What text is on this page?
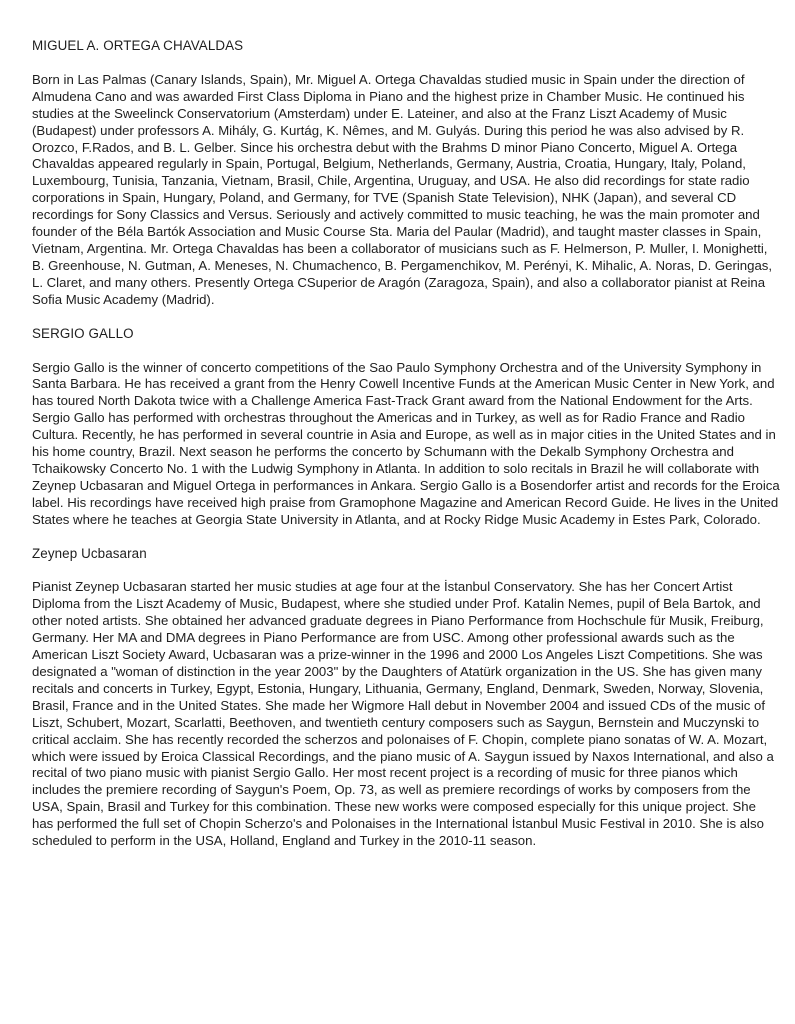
MIGUEL A. ORTEGA CHAVALDAS

Born in Las Palmas (Canary Islands, Spain), Mr. Miguel A. Ortega Chavaldas studied music in Spain under the direction of Almudena Cano and was awarded First Class Diploma in Piano and the highest prize in Chamber Music. He continued his studies at the Sweelinck Conservatorium (Amsterdam) under E. Lateiner, and also at the Franz Liszt Academy of Music (Budapest) under professors A. Mihály, G. Kurtág, K. Nêmes, and M. Gulyás. During this period he was also advised by R. Orozco, F.Rados, and B. L. Gelber. Since his orchestra debut with the Brahms D minor Piano Concerto, Miguel A. Ortega Chavaldas appeared regularly in Spain, Portugal, Belgium, Netherlands, Germany, Austria, Croatia, Hungary, Italy, Poland, Luxembourg, Tunisia, Tanzania, Vietnam, Brasil, Chile, Argentina, Uruguay, and USA. He also did recordings for state radio corporations in Spain, Hungary, Poland, and Germany, for TVE (Spanish State Television), NHK (Japan), and several CD recordings for Sony Classics and Versus. Seriously and actively committed to music teaching, he was the main promoter and founder of the Béla Bartók Association and Music Course Sta. Maria del Paular (Madrid), and taught master classes in Spain, Vietnam, Argentina. Mr. Ortega Chavaldas has been a collaborator of musicians such as F. Helmerson, P. Muller, I. Monighetti, B. Greenhouse, N. Gutman, A. Meneses, N. Chumachenco, B. Pergamenchikov, M. Perényi, K. Mihalic, A. Noras, D. Geringas, L. Claret, and many others. Presently Ortega CSuperior de Aragón (Zaragoza, Spain), and also a collaborator pianist at Reina Sofia Music Academy (Madrid).

SERGIO GALLO

Sergio Gallo is the winner of concerto competitions of the Sao Paulo Symphony Orchestra and of the University Symphony in Santa Barbara. He has received a grant from the Henry Cowell Incentive Funds at the American Music Center in New York, and has toured North Dakota twice with a Challenge America Fast-Track Grant award from the National Endowment for the Arts. Sergio Gallo has performed with orchestras throughout the Americas and in Turkey, as well as for Radio France and Radio Cultura. Recently, he has performed in several countrie in Asia and Europe, as well as in major cities in the United States and in his home country, Brazil. Next season he performs the concerto by Schumann with the Dekalb Symphony Orchestra and Tchaikowsky Concerto No. 1 with the Ludwig Symphony in Atlanta. In addition to solo recitals in Brazil he will collaborate with Zeynep Ucbasaran and Miguel Ortega in performances in Ankara. Sergio Gallo is a Bosendorfer artist and records for the Eroica label. His recordings have received high praise from Gramophone Magazine and American Record Guide. He lives in the United States where he teaches at Georgia State University in Atlanta, and at Rocky Ridge Music Academy in Estes Park, Colorado.

Zeynep Ucbasaran

Pianist Zeynep Ucbasaran started her music studies at age four at the İstanbul Conservatory. She has her Concert Artist Diploma from the Liszt Academy of Music, Budapest, where she studied under Prof. Katalin Nemes, pupil of Bela Bartok, and other noted artists. She obtained her advanced graduate degrees in Piano Performance from Hochschule für Musik, Freiburg, Germany. Her MA and DMA degrees in Piano Performance are from USC. Among other professional awards such as the American Liszt Society Award, Ucbasaran was a prize-winner in the 1996 and 2000 Los Angeles Liszt Competitions. She was designated a "woman of distinction in the year 2003" by the Daughters of Atatürk organization in the US. She has given many recitals and concerts in Turkey, Egypt, Estonia, Hungary, Lithuania, Germany, England, Denmark, Sweden, Norway, Slovenia, Brasil, France and in the United States. She made her Wigmore Hall debut in November 2004 and issued CDs of the music of Liszt, Schubert, Mozart, Scarlatti, Beethoven, and twentieth century composers such as Saygun, Bernstein and Muczynski to critical acclaim. She has recently recorded the scherzos and polonaises of F. Chopin, complete piano sonatas of W. A. Mozart, which were issued by Eroica Classical Recordings, and the piano music of A. Saygun issued by Naxos International, and also a recital of two piano music with pianist Sergio Gallo. Her most recent project is a recording of music for three pianos which includes the premiere recording of Saygun's Poem, Op. 73, as well as premiere recordings of works by composers from the USA, Spain, Brasil and Turkey for this combination. These new works were composed especially for this unique project. She has performed the full set of Chopin Scherzo's and Polonaises in the International İstanbul Music Festival in 2010. She is also scheduled to perform in the USA, Holland, England and Turkey in the 2010-11 season.
